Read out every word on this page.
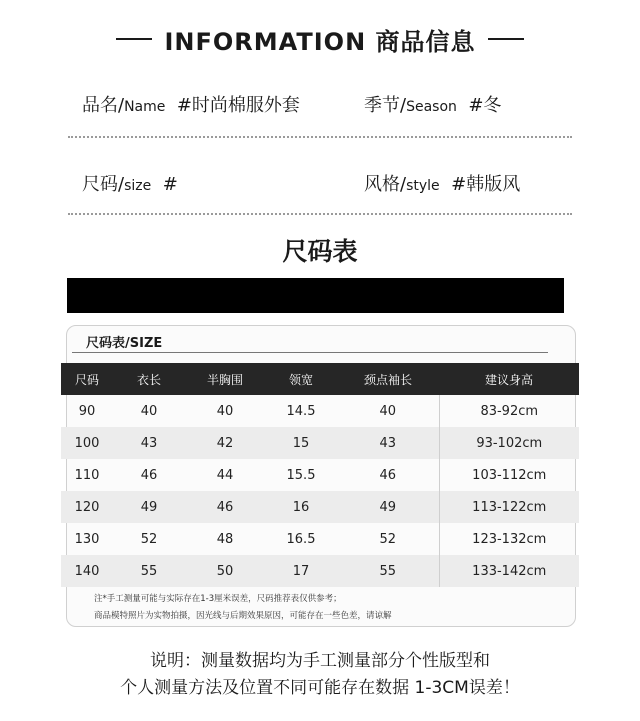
INFORMATION 商品信息
品名/Name #时尚棉服外套	季节/Season #冬
尺码/size #	风格/style #韩版风
尺码表
尺码表/SIZE
尺码	衣长	半胸围	领宽	颈点袖长	建议身高
90	40	40	14.5	40	83-92cm
100	43	42	15	43	93-102cm
110	46	44	15.5	46	103-112cm
120	49	46	16	49	113-122cm
130	52	48	16.5	52	123-132cm
140	55	50	17	55	133-142cm
注*手工测量可能与实际存在1-3厘米误差，尺码推荐表仅供参考；
商品模特照片为实物拍摄，因光线与后期效果原因，可能存在一些色差，请谅解
说明：测量数据均为手工测量部分个性版型和
个人测量方法及位置不同可能存在数据 1-3CM误差！
